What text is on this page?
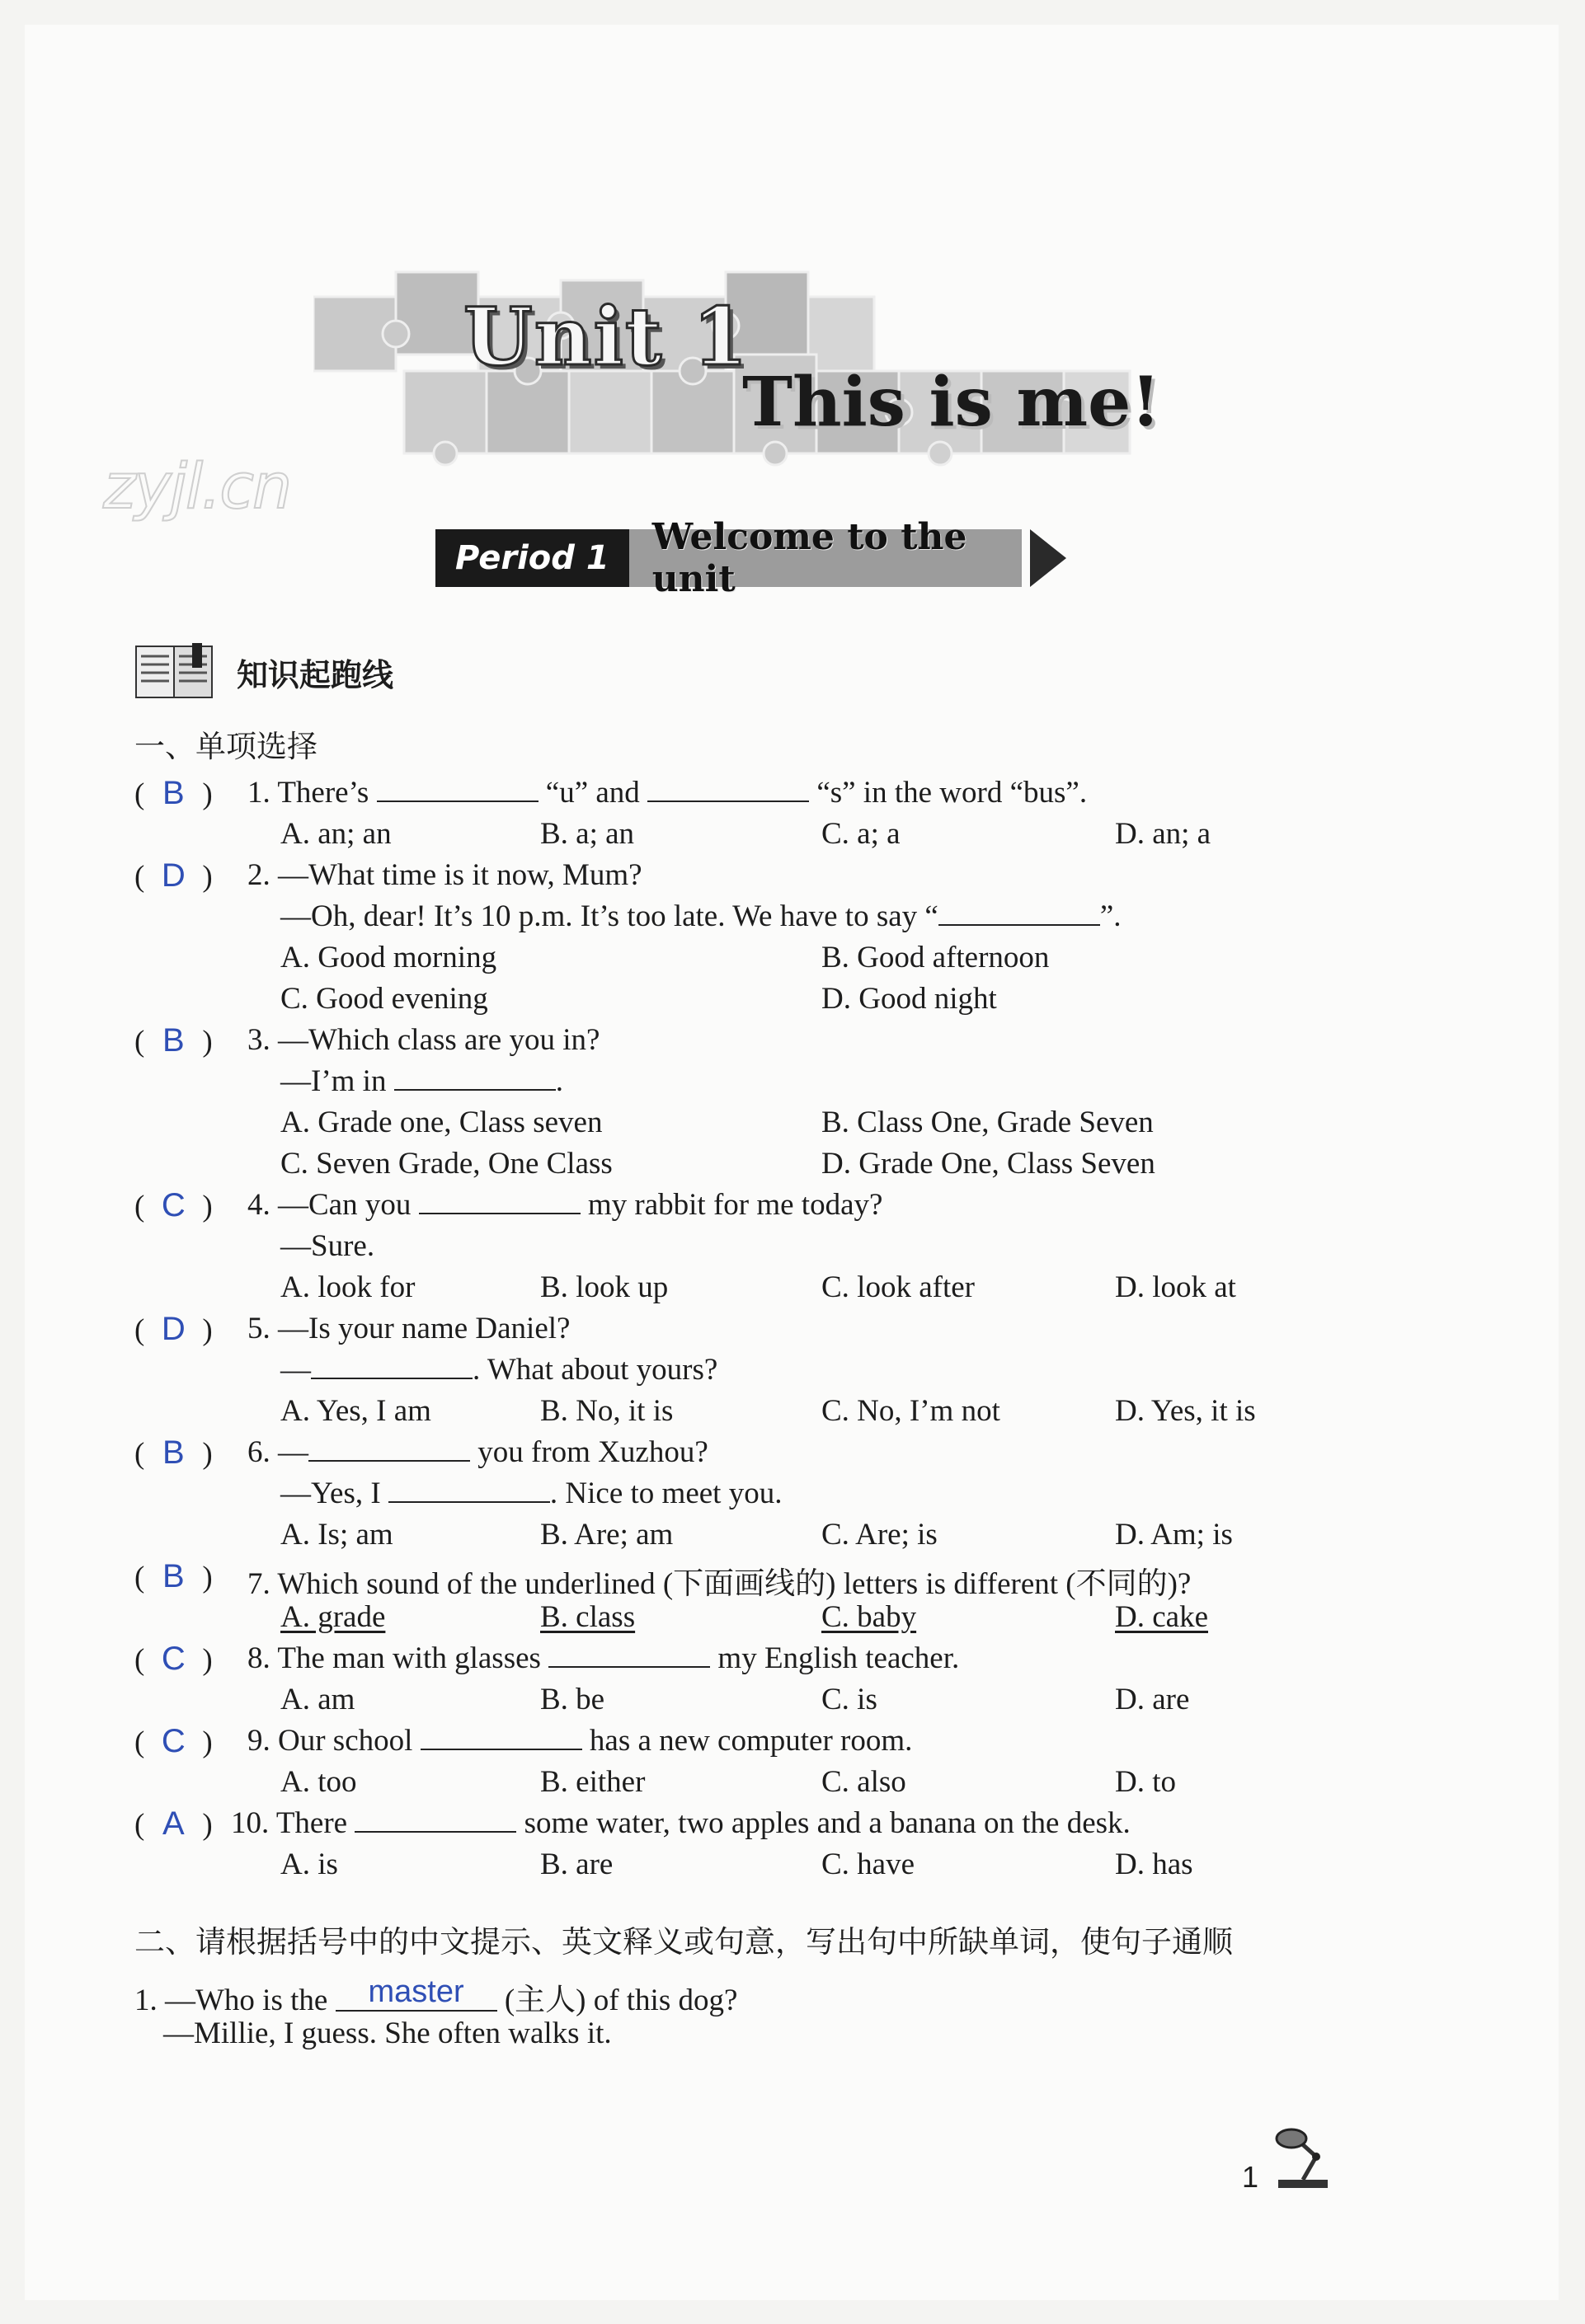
Unit 1
This is me!
zyjl.cn
Period 1	Welcome to the unit
知识起跑线
一、单项选择
( B ) 1. There’s	“u” and	“s” in the word “bus”.
A. an; an	B. a; an	C. a; a	D. an; a
( D ) 2. —What time is it now, Mum?
—Oh, dear! It’s 10 p.m. It’s too late. We have to say “	”.
A. Good morning	B. Good afternoon
C. Good evening	D. Good night
( B ) 3. —Which class are you in?
—I’m in	.
A. Grade one, Class seven	B. Class One, Grade Seven
C. Seven Grade, One Class	D. Grade One, Class Seven
( C ) 4. —Can you	my rabbit for me today?
—Sure.
A. look for	B. look up	C. look after	D. look at
( D ) 5. —Is your name Daniel?
—	. What about yours?
A. Yes, I am	B. No, it is	C. No, I’m not	D. Yes, it is
( B ) 6. —	you from Xuzhou?
—Yes, I	. Nice to meet you.
A. Is; am	B. Are; am	C. Are; is	D. Am; is
( B ) 7. Which sound of the underlined (下面画线的) letters is different (不同的)?
A. grade	B. class	C. baby	D. cake
( C ) 8. The man with glasses	my English teacher.
A. am	B. be	C. is	D. are
( C ) 9. Our school	has a new computer room.
A. too	B. either	C. also	D. to
( A ) 10. There	some water, two apples and a banana on the desk.
A. is	B. are	C. have	D. has
二、请根据括号中的中文提示、英文释义或句意，写出句中所缺单词，使句子通顺
1. —Who is the master (主人) of this dog?
—Millie, I guess. She often walks it.
1
